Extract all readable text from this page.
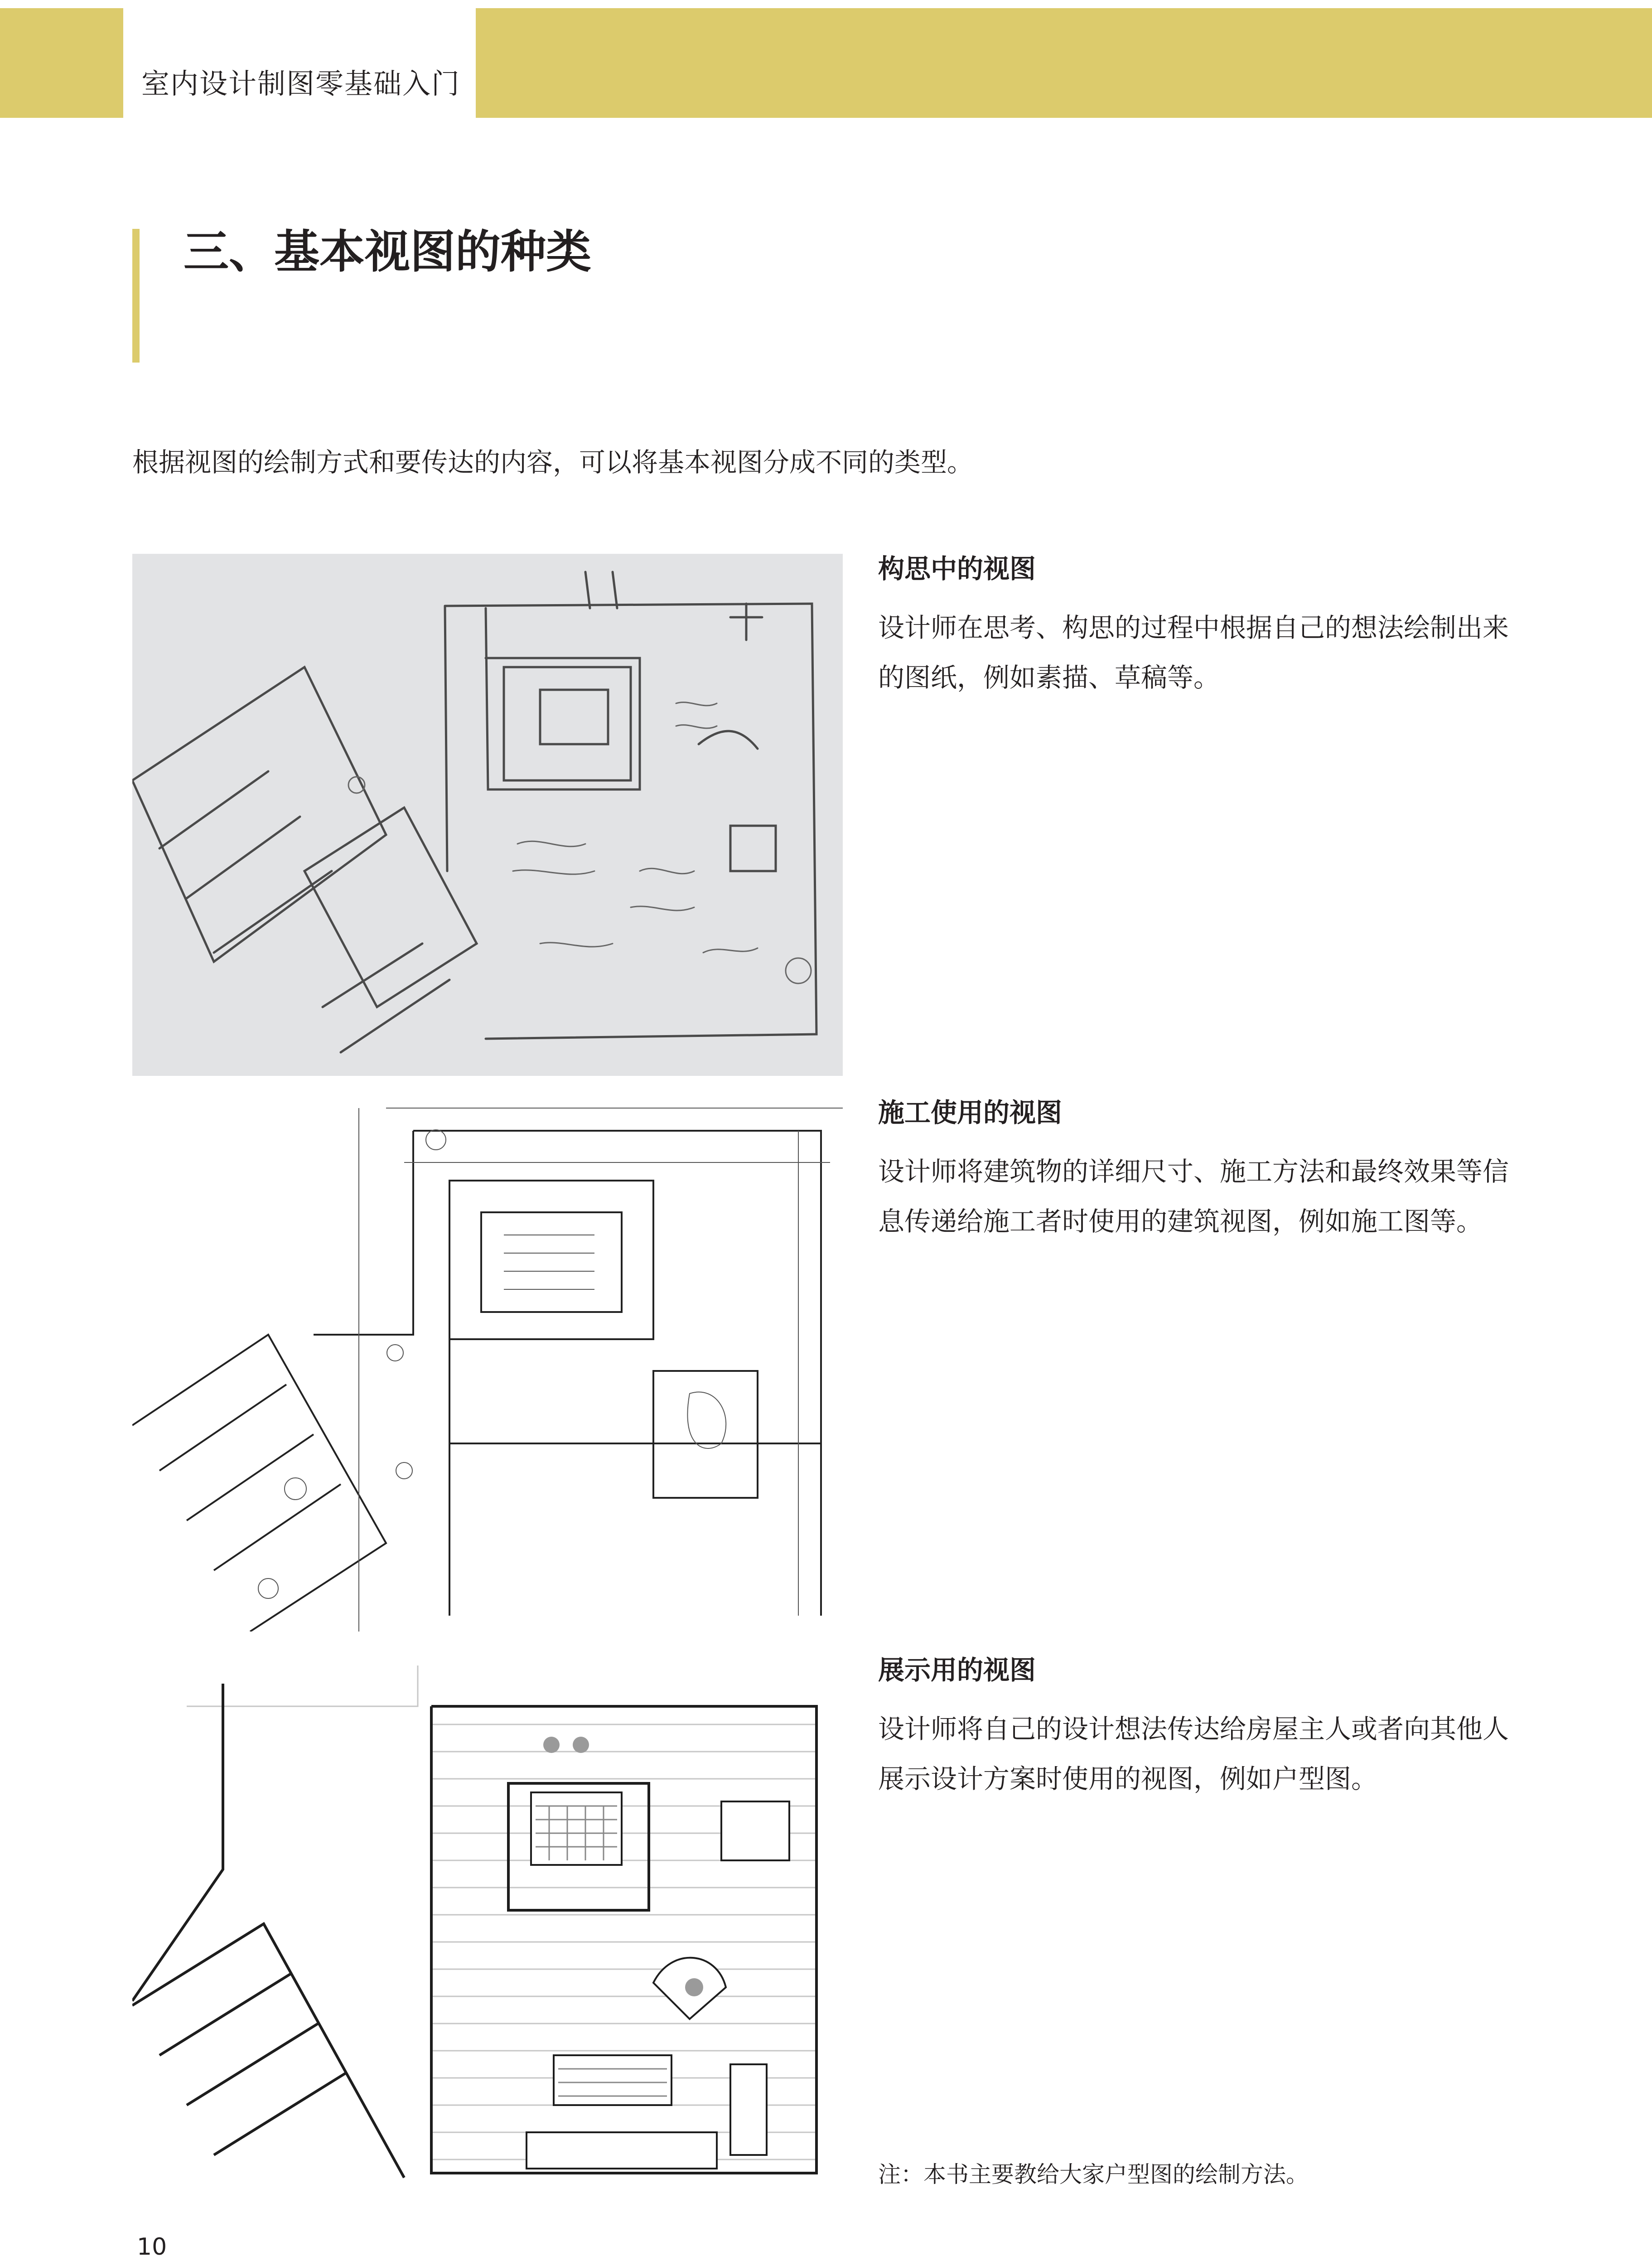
室内设计制图零基础入门
三、基本视图的种类
根据视图的绘制方式和要传达的内容，可以将基本视图分成不同的类型。
构思中的视图
设计师在思考、构思的过程中根据自己的想法绘制出来的图纸，例如素描、草稿等。
施工使用的视图
设计师将建筑物的详细尺寸、施工方法和最终效果等信息传递给施工者时使用的建筑视图，例如施工图等。
展示用的视图
设计师将自己的设计想法传达给房屋主人或者向其他人展示设计方案时使用的视图，例如户型图。
注：本书主要教给大家户型图的绘制方法。
10
